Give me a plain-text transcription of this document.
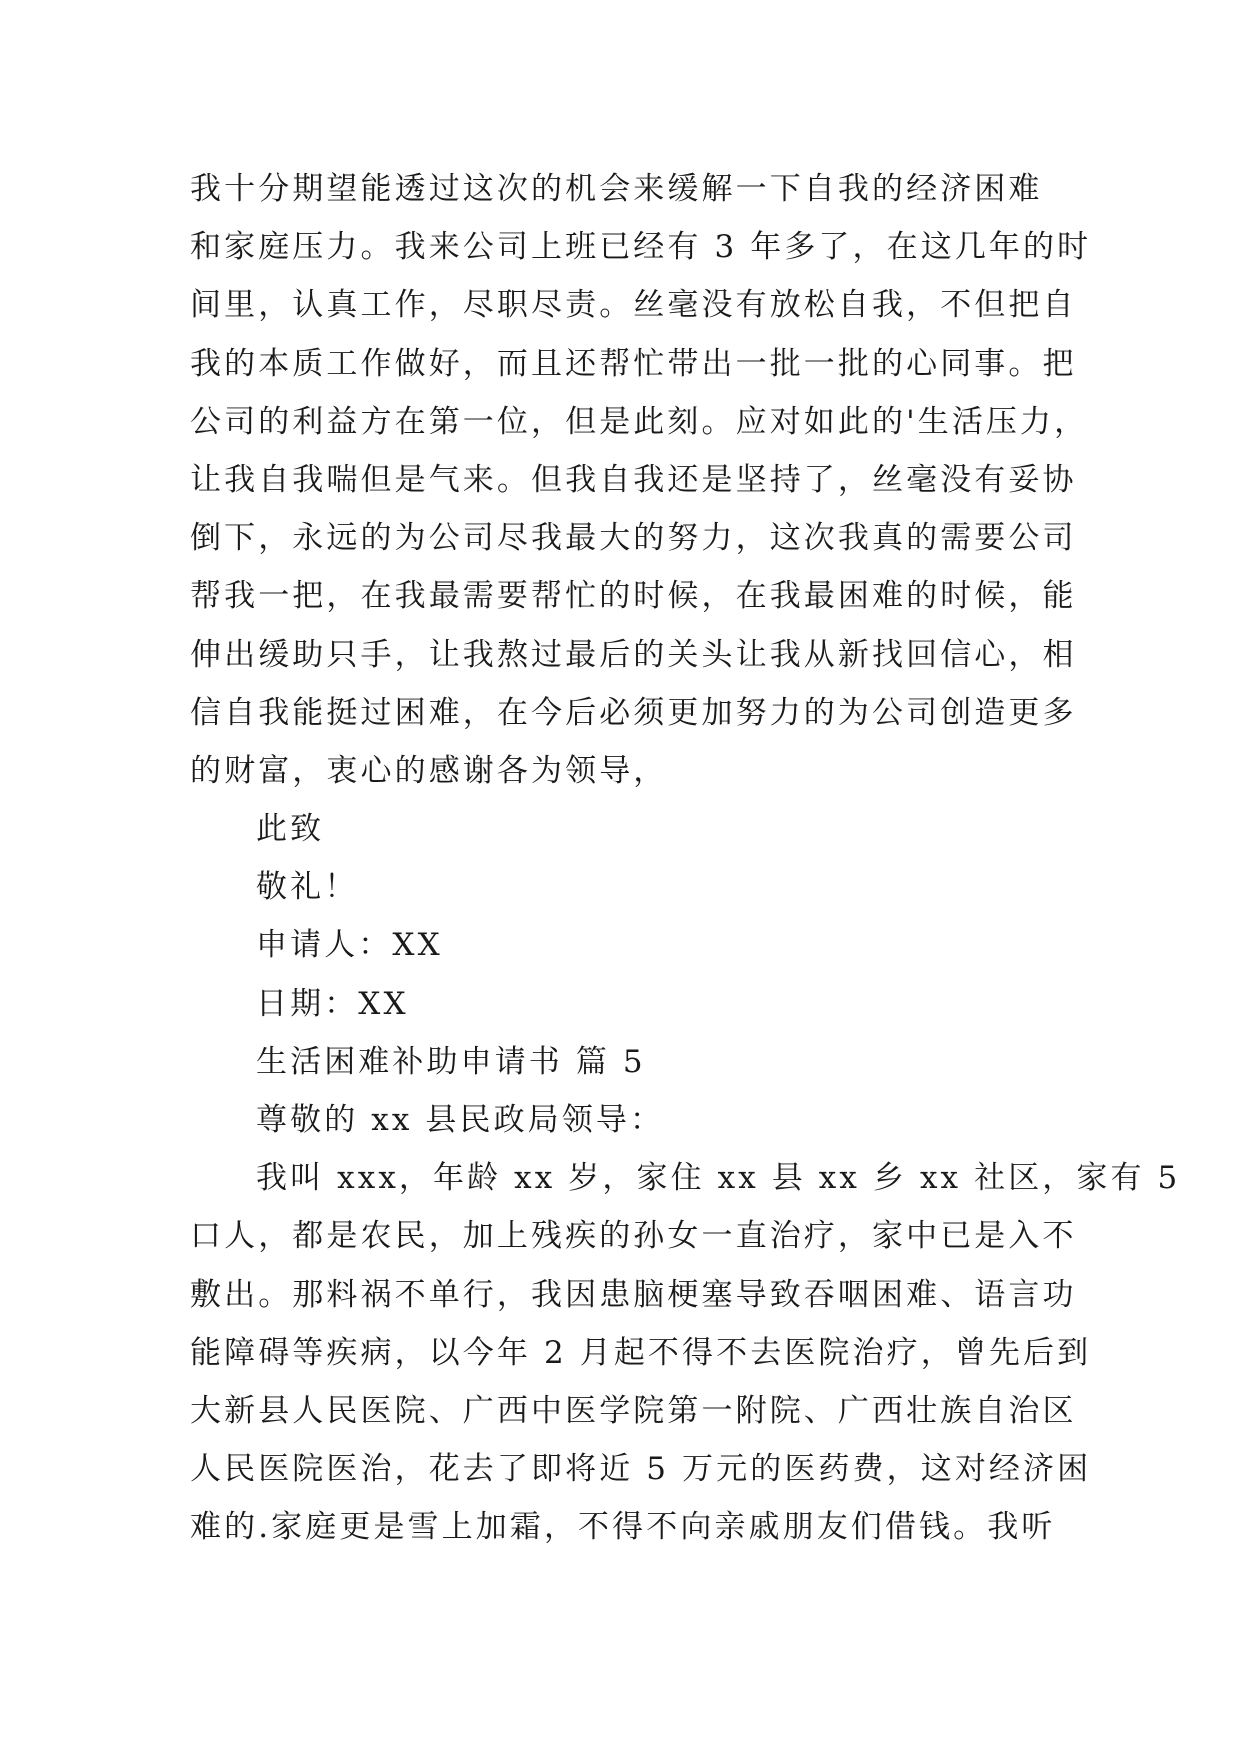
我十分期望能透过这次的机会来缓解一下自我的经济困难
和家庭压力。我来公司上班已经有 3 年多了，在这几年的时
间里，认真工作，尽职尽责。丝毫没有放松自我，不但把自
我的本质工作做好，而且还帮忙带出一批一批的心同事。把
公司的利益方在第一位，但是此刻。应对如此的'生活压力，
让我自我喘但是气来。但我自我还是坚持了，丝毫没有妥协
倒下，永远的为公司尽我最大的努力，这次我真的需要公司
帮我一把，在我最需要帮忙的时候，在我最困难的时候，能
伸出缓助只手，让我熬过最后的关头让我从新找回信心，相
信自我能挺过困难，在今后必须更加努力的为公司创造更多
的财富，衷心的感谢各为领导，
此致
敬礼！
申请人：XX
日期：XX
生活困难补助申请书 篇 5
尊敬的 xx 县民政局领导：
我叫 xxx，年龄 xx 岁，家住 xx 县 xx 乡 xx 社区，家有 5
口人，都是农民，加上残疾的孙女一直治疗，家中已是入不
敷出。那料祸不单行，我因患脑梗塞导致吞咽困难、语言功
能障碍等疾病，以今年 2 月起不得不去医院治疗，曾先后到
大新县人民医院、广西中医学院第一附院、广西壮族自治区
人民医院医治，花去了即将近 5 万元的医药费，这对经济困
难的.家庭更是雪上加霜，不得不向亲戚朋友们借钱。我听
